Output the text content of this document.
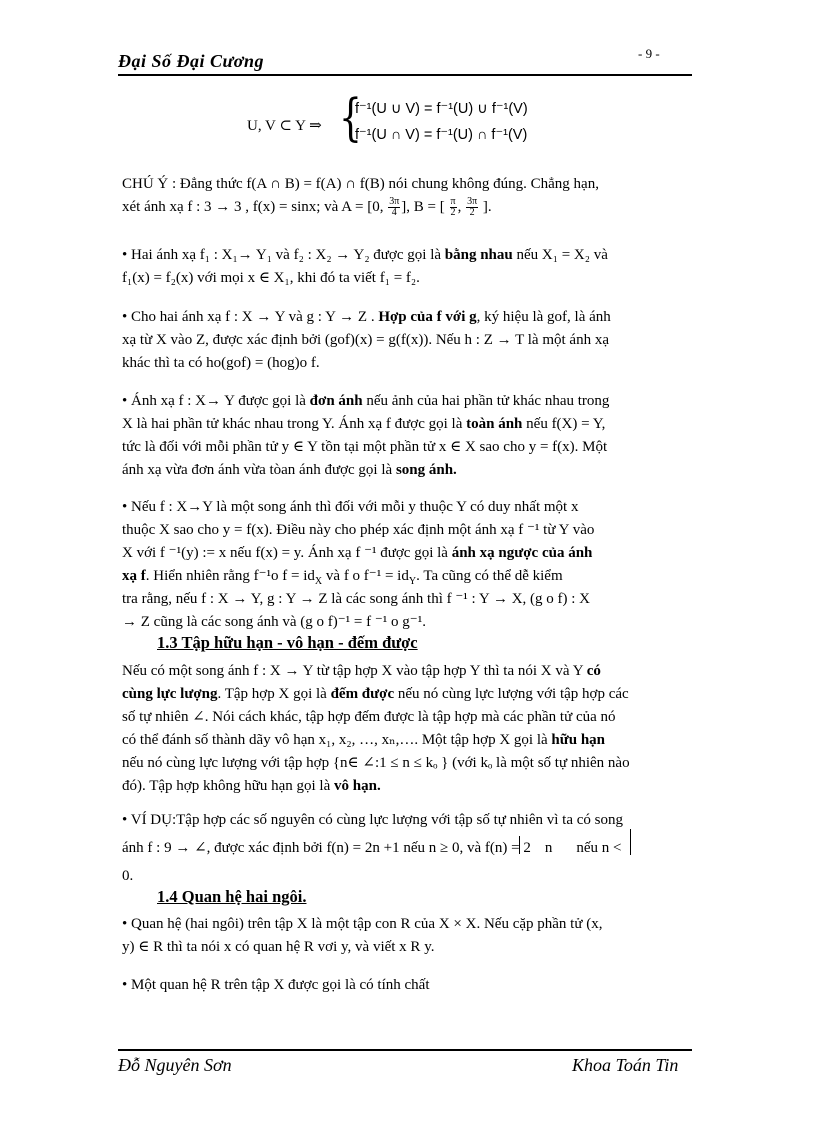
Đại Số Đại Cương	- 9 -
U, V ⊂ Y ⇒ {
f⁻¹(U ∪ V) = f⁻¹(U) ∪ f⁻¹(V)
f⁻¹(U ∩ V) = f⁻¹(U) ∩ f⁻¹(V)
CHÚ Ý : Đẳng thức f(A ∩ B) = f(A) ∩ f(B) nói chung không đúng. Chẳng hạn,
xét ánh xạ f : 3 → 3 , f(x) = sinx; và A = [0, $\frac{3\pi}{4}$ ], B = [ $\frac{\pi}{2}$ , $\frac{3\pi}{2}$ ].
• Hai ánh xạ f₁ : X₁→ Y₁ và f₂ : X₂ → Y₂ được gọi là bằng nhau nếu X₁ = X₂ và
f₁(x) = f₂(x) với mọi x ∈ X₁, khi đó ta viết f₁ = f₂.
• Cho hai ánh xạ f : X → Y và g : Y → Z . Hợp của f với g, ký hiệu là gof, là ánh
xạ từ X vào Z, được xác định bởi (gof)(x) = g(f(x)). Nếu h : Z → T là một ánh xạ
khác thì ta có ho(gof) = (hog)o f.
• Ánh xạ f : X→ Y được gọi là đơn ánh nếu ảnh của hai phần tử khác nhau trong
X là hai phần tử khác nhau trong Y. Ánh xạ f được gọi là toàn ánh nếu f(X) = Y,
tức là đối với mỗi phần tử y ∈ Y tồn tại một phần tử x ∈ X sao cho y = f(x). Một
ánh xạ vừa đơn ánh vừa tòan ánh được gọi là song ánh.
• Nếu f : X→Y là một song ánh thì đối với mỗi y thuộc Y có duy nhất một x
thuộc X sao cho y = f(x). Điều này cho phép xác định một ánh xạ f ⁻¹ từ Y vào
X với f ⁻¹(y) := x nếu f(x) = y. Ánh xạ f ⁻¹ được gọi là ánh xạ ngược của ánh
xạ f. Hiển nhiên rằng f⁻¹o $f = id_X$ và f o $f^{-1} = id_Y$. Ta cũng có thể dễ kiểm
tra rằng, nếu f : X → Y, g : Y → Z là các song ánh thì f ⁻¹ : Y → X, (g o f) : X
→ Z cũng là các song ánh và (g o f)⁻¹ = f ⁻¹ o g⁻¹.
1.3 Tập hữu hạn - vô hạn - đếm được
Nếu có một song ánh f : X → Y từ tập hợp X vào tập hợp Y thì ta nói X và Y có
cùng lực lượng. Tập hợp X gọi là đếm được nếu nó cùng lực lượng với tập hợp các
số tự nhiên ∠. Nói cách khác, tập hợp đếm được là tập hợp mà các phần tử của nó
có thể đánh số thành dãy vô hạn x₁, x₂, …, xₙ,…. Một tập hợp X gọi là hữu hạn
nếu nó cùng lực lượng với tập hợp {n∈ ∠:1 ≤ n ≤ kₒ } (với kₒ là một số tự nhiên nào
đó). Tập hợp không hữu hạn gọi là vô hạn.
• VÍ DỤ:Tập hợp các số nguyên có cùng lực lượng với tập số tự nhiên vì ta có song
ánh f : 9 → ∠, được xác định bởi f(n) = 2n +1 nếu n ≥ 0, và f(n) = 2 n nếu n <
0.
1.4 Quan hệ hai ngôi.
• Quan hệ (hai ngôi) trên tập X là một tập con R của X × X. Nếu cặp phần tử (x,
y) ∈ R thì ta nói x có quan hệ R vơi y, và viết x R y.
• Một quan hệ R trên tập X được gọi là có tính chất
Đỗ Nguyên Sơn	Khoa Toán Tin
